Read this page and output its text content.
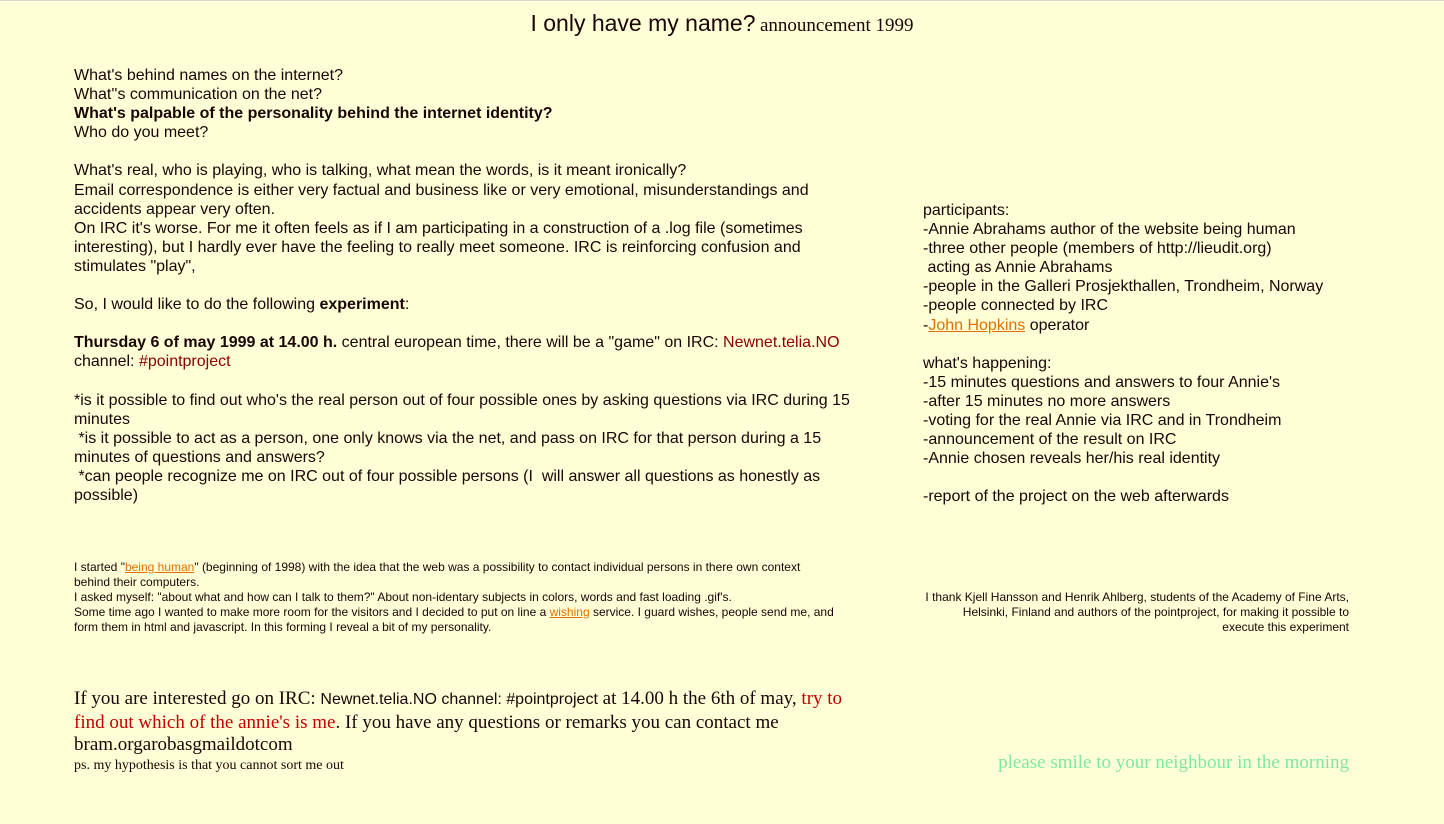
I only have my name? announcement 1999

What's behind names on the internet?
What''s communication on the net?
What's palpable of the personality behind the internet identity?
Who do you meet?

What's real, who is playing, who is talking, what mean the words, is it meant ironically?
Email correspondence is either very factual and business like or very emotional, misunderstandings and
accidents appear very often.
On IRC it's worse. For me it often feels as if I am participating in a construction of a .log file (sometimes
interesting), but I hardly ever have the feeling to really meet someone. IRC is reinforcing confusion and
stimulates "play",

So, I would like to do the following experiment:

Thursday 6 of may 1999 at 14.00 h. central european time, there will be a "game" on IRC: Newnet.telia.NO
channel: #pointproject

*is it possible to find out who's the real person out of four possible ones by asking questions via IRC during 15
minutes
*is it possible to act as a person, one only knows via the net, and pass on IRC for that person during a 15
minutes of questions and answers?
*can people recognize me on IRC out of four possible persons (I  will answer all questions as honestly as
possible)

participants:
-Annie Abrahams author of the website being human
-three other people (members of http://lieudit.org)
acting as Annie Abrahams
-people in the Galleri Prosjekthallen, Trondheim, Norway
-people connected by IRC
-John Hopkins operator
what's happening:
-15 minutes questions and answers to four Annie's
-after 15 minutes no more answers
-voting for the real Annie via IRC and in Trondheim
-announcement of the result on IRC
-Annie chosen reveals her/his real identity
-report of the project on the web afterwards
I started "being human" (beginning of 1998) with the idea that the web was a possibility to contact individual persons in there own context
behind their computers.
I asked myself: "about what and how can I talk to them?" About non-identary subjects in colors, words and fast loading .gif's.
Some time ago I wanted to make more room for the visitors and I decided to put on line a wishing service. I guard wishes, people send me, and
form them in html and javascript. In this forming I reveal a bit of my personality.
I thank Kjell Hansson and Henrik Ahlberg, students of the Academy of Fine Arts, Helsinki, Finland and authors of the pointproject, for making it possible to execute this experiment
If you are interested go on IRC: Newnet.telia.NO channel: #pointproject at 14.00 h the 6th of may, try to find out which of the annie's is me. If you have any questions or remarks you can contact me
bram.orgarobasgmaildotcom
ps. my hypothesis is that you cannot sort me out	please smile to your neighbour in the morning
